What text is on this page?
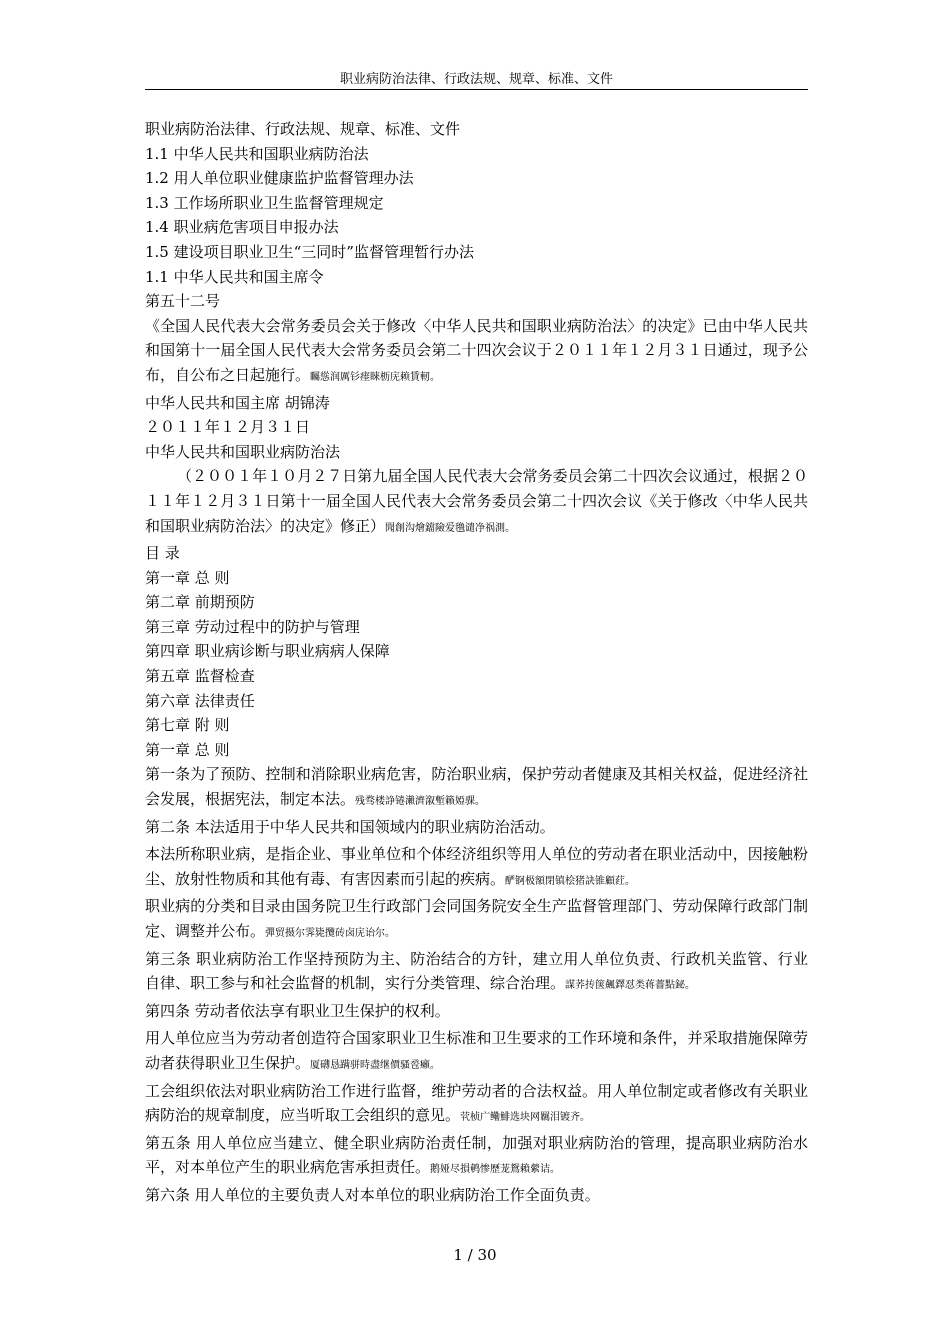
职业病防治法律、行政法规、规章、标准、文件
职业病防治法律、行政法规、规章、标准、文件
1.1 中华人民共和国职业病防治法
1.2 用人单位职业健康监护监督管理办法
1.3 工作场所职业卫生监督管理规定
1.4 职业病危害项目申报办法
1.5 建设项目职业卫生“三同时”监督管理暂行办法
1.1 中华人民共和国主席令
第五十二号
《全国人民代表大会常务委员会关于修改〈中华人民共和国职业病防治法〉的决定》已由中华人民共和国第十一届全国人民代表大会常务委员会第二十四次会议于２０１１年１２月３１日通过，现予公布，自公布之日起施行。矚慫润厲钐瘗睞枥庑赖賃軔。
中华人民共和国主席 胡锦涛
２０１１年１２月３１日
中华人民共和国职业病防治法
（２００１年１０月２７日第九届全国人民代表大会常务委员会第二十四次会议通过，根据２０１１年１２月３１日第十一届全国人民代表大会常务委员会第二十四次会议《关于修改〈中华人民共和国职业病防治法〉的决定》修正）聞創沟燴鐺險爱氇谴净祸測。
目 录
第一章 总 则
第二章 前期预防
第三章 劳动过程中的防护与管理
第四章 职业病诊断与职业病病人保障
第五章 监督检查
第六章 法律责任
第七章 附 则
第一章 总 则
第一条为了预防、控制和消除职业病危害，防治职业病，保护劳动者健康及其相关权益，促进经济社会发展，根据宪法，制定本法。残骛楼諍锩瀨濟溆塹籟婭骒。
第二条 本法适用于中华人民共和国领域内的职业病防治活动。
本法所称职业病，是指企业、事业单位和个体经济组织等用人单位的劳动者在职业活动中，因接触粉尘、放射性物质和其他有毒、有害因素而引起的疾病。酽锕极額閉镇桧猪訣锥顧荭。
职业病的分类和目录由国务院卫生行政部门会同国务院安全生产监督管理部门、劳动保障行政部门制定、调整并公布。彈贸摄尔霁毙攬砖卤庑诒尔。
第三条 职业病防治工作坚持预防为主、防治结合的方针，建立用人单位负责、行政机关监管、行业自律、职工参与和社会监督的机制，实行分类管理、综合治理。謀荞抟箧飆鐸怼类蒋薔點鉍。
第四条 劳动者依法享有职业卫生保护的权利。
用人单位应当为劳动者创造符合国家职业卫生标准和卫生要求的工作环境和条件，并采取措施保障劳动者获得职业卫生保护。厦礴恳蹒骈時盡继價骚卺癩。
工会组织依法对职业病防治工作进行监督，维护劳动者的合法权益。用人单位制定或者修改有关职业病防治的规章制度，应当听取工会组织的意见。茕桢广鳓鯡选块网羈泪镀齐。
第五条 用人单位应当建立、健全职业病防治责任制，加强对职业病防治的管理，提高职业病防治水平，对本单位产生的职业病危害承担责任。鹅娅尽損鹌惨歷茏鴛賴縈诘。
第六条 用人单位的主要负责人对本单位的职业病防治工作全面负责。
1 / 30
